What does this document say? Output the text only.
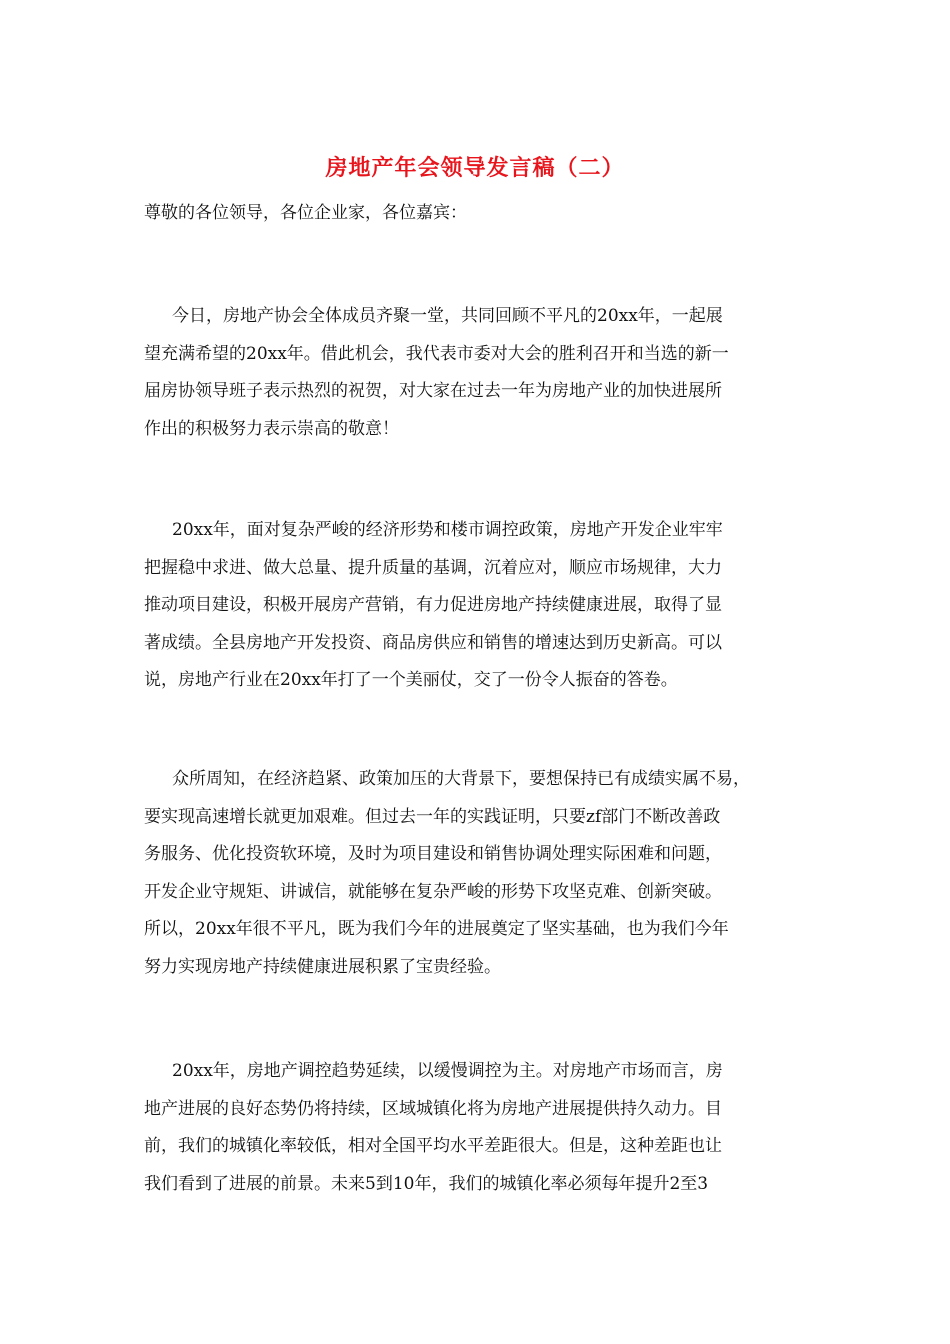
房地产年会领导发言稿（二）
尊敬的各位领导，各位企业家，各位嘉宾：
今日，房地产协会全体成员齐聚一堂，共同回顾不平凡的20xx年，一起展
望充满希望的20xx年。借此机会，我代表市委对大会的胜利召开和当选的新一
届房协领导班子表示热烈的祝贺，对大家在过去一年为房地产业的加快进展所
作出的积极努力表示崇高的敬意！
20xx年，面对复杂严峻的经济形势和楼市调控政策，房地产开发企业牢牢
把握稳中求进、做大总量、提升质量的基调，沉着应对，顺应市场规律，大力
推动项目建设，积极开展房产营销，有力促进房地产持续健康进展，取得了显
著成绩。全县房地产开发投资、商品房供应和销售的增速达到历史新高。可以
说，房地产行业在20xx年打了一个美丽仗，交了一份令人振奋的答卷。
众所周知，在经济趋紧、政策加压的大背景下，要想保持已有成绩实属不易，
要实现高速增长就更加艰难。但过去一年的实践证明，只要zf部门不断改善政
务服务、优化投资软环境，及时为项目建设和销售协调处理实际困难和问题，
开发企业守规矩、讲诚信，就能够在复杂严峻的形势下攻坚克难、创新突破。
所以，20xx年很不平凡，既为我们今年的进展奠定了坚实基础，也为我们今年
努力实现房地产持续健康进展积累了宝贵经验。
20xx年，房地产调控趋势延续，以缓慢调控为主。对房地产市场而言，房
地产进展的良好态势仍将持续，区域城镇化将为房地产进展提供持久动力。目
前，我们的城镇化率较低，相对全国平均水平差距很大。但是，这种差距也让
我们看到了进展的前景。未来5到10年，我们的城镇化率必须每年提升2至3
